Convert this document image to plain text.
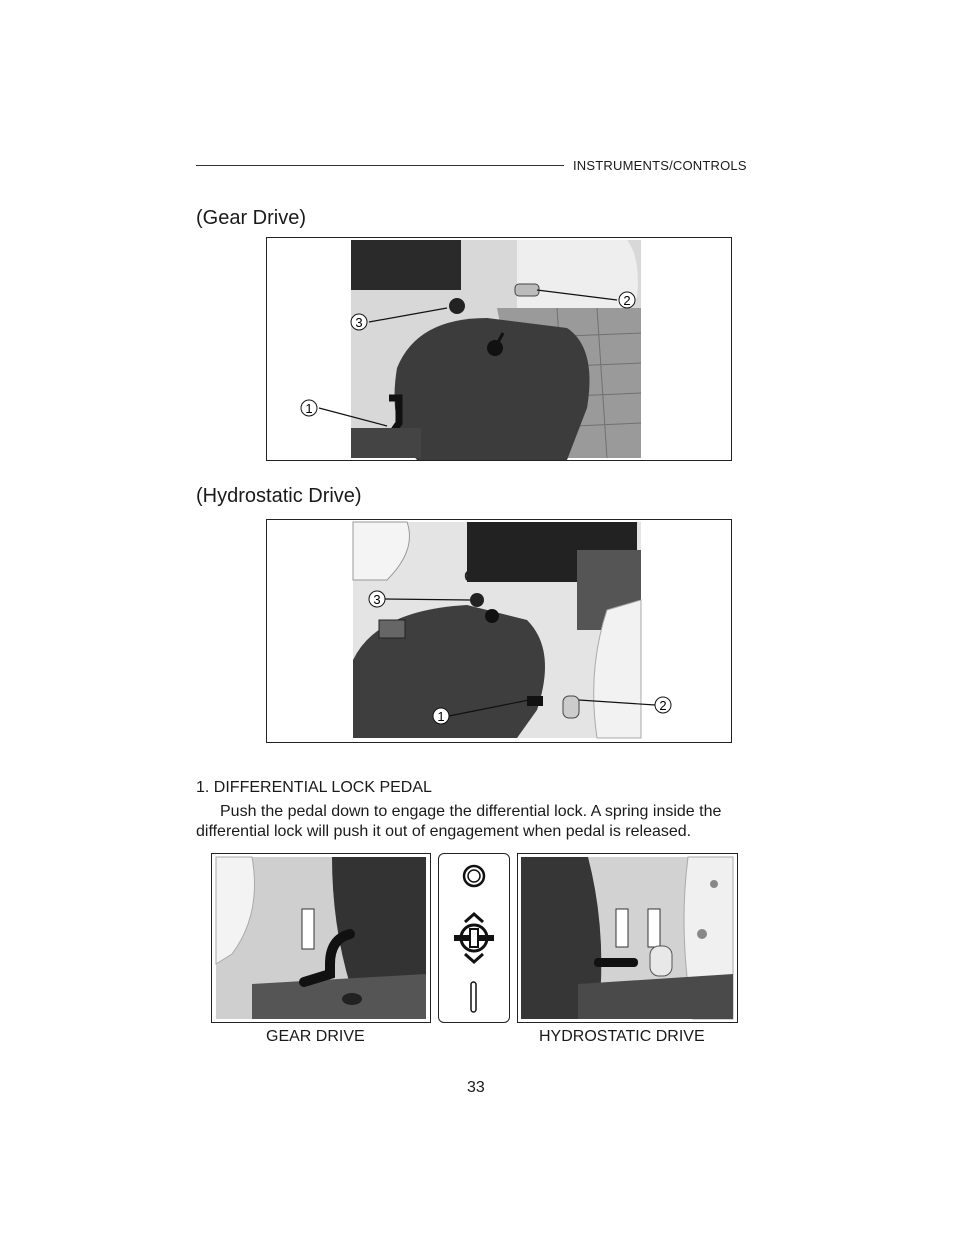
INSTRUMENTS/CONTROLS
(Gear Drive)
1
2
3
(Hydrostatic Drive)
1
2
3
1. DIFFERENTIAL LOCK PEDAL
Push the pedal down to engage the differential lock. A spring inside the
differential lock will push it out of engagement when pedal is released.
GEAR DRIVE	HYDROSTATIC DRIVE
33
